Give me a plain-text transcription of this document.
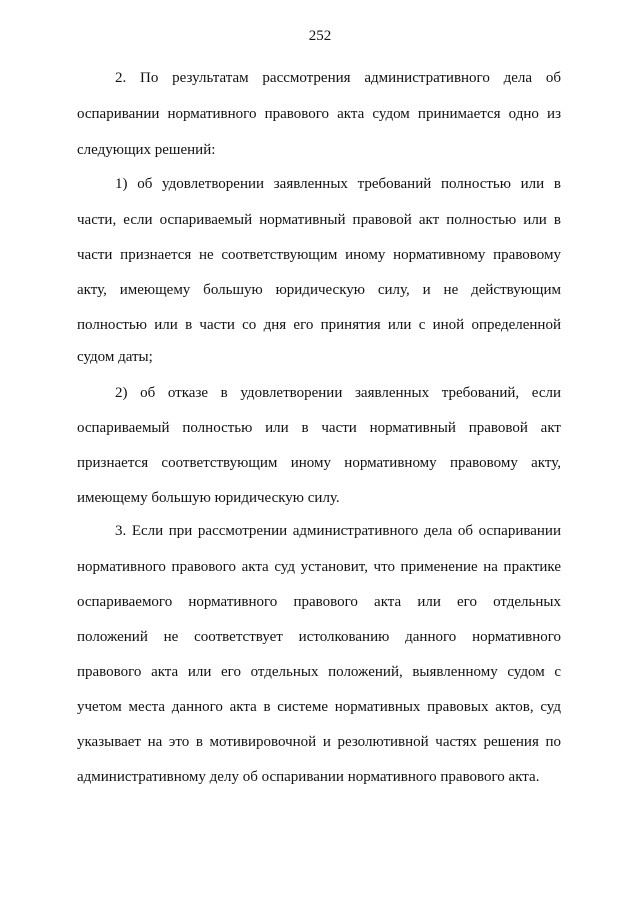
252
2. По результатам рассмотрения административного дела об
оспаривании нормативного правового акта судом принимается одно из
следующих решений:
1) об удовлетворении заявленных требований полностью или в
части, если оспариваемый нормативный правовой акт полностью или в
части признается не соответствующим иному нормативному правовому
акту, имеющему большую юридическую силу, и не действующим
полностью или в части со дня его принятия или с иной определенной
судом даты;
2) об отказе в удовлетворении заявленных требований, если
оспариваемый полностью или в части нормативный правовой акт
признается соответствующим иному нормативному правовому акту,
имеющему большую юридическую силу.
3. Если при рассмотрении административного дела об оспаривании
нормативного правового акта суд установит, что применение на практике
оспариваемого нормативного правового акта или его отдельных
положений не соответствует истолкованию данного нормативного
правового акта или его отдельных положений, выявленному судом с
учетом места данного акта в системе нормативных правовых актов, суд
указывает на это в мотивировочной и резолютивной частях решения по
административному делу об оспаривании нормативного правового акта.
